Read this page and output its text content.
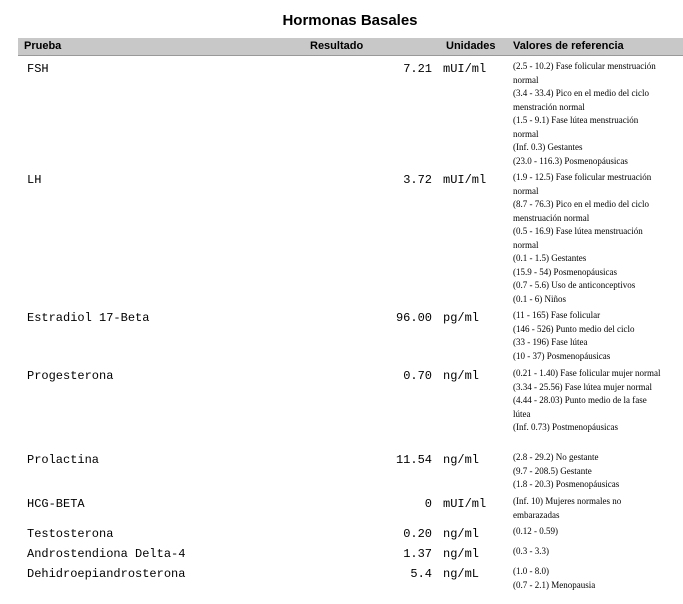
Hormonas Basales
Prueba	Resultado	Unidades Valores de referencia
FSH	7.21 mUI/ml	(2.5 - 10.2) Fase folicular menstruación normal
(3.4 - 33.4) Pico en el medio del ciclo menstración normal
(1.5 - 9.1) Fase lútea menstruación normal
(Inf. 0.3) Gestantes
(23.0 - 116.3) Posmenopáusicas
LH	3.72 mUI/ml	(1.9 - 12.5) Fase folicular mestruación normal
(8.7 - 76.3) Pico en el medio del ciclo menstruación normal
(0.5 - 16.9) Fase lútea menstruación normal
(0.1 - 1.5) Gestantes
(15.9 - 54) Posmenopáusicas
(0.7 - 5.6) Uso de anticonceptivos
(0.1 - 6) Niños
Estradiol 17-Beta	96.00 pg/ml	(11 - 165) Fase folicular
(146 - 526) Punto medio del ciclo
(33 - 196) Fase lútea
(10 - 37) Posmenopáusicas
Progesterona	0.70 ng/ml	(0.21 - 1.40) Fase folicular mujer normal
(3.34 - 25.56) Fase lútea mujer normal
(4.44 - 28.03) Punto medio de la fase lútea
(Inf. 0.73) Postmenopáusicas
Prolactina	11.54 ng/ml	(2.8 - 29.2) No gestante
(9.7 - 208.5) Gestante
(1.8 - 20.3) Posmenopáusicas
HCG-BETA	0 mUI/ml	(Inf. 10) Mujeres normales no embarazadas
Testosterona	0.20 ng/ml	(0.12 - 0.59)
Androstendiona Delta-4	1.37 ng/ml	(0.3 - 3.3)
Dehidroepiandrosterona	5.4 ng/mL	(1.0 - 8.0)
(0.7 - 2.1) Menopausia
